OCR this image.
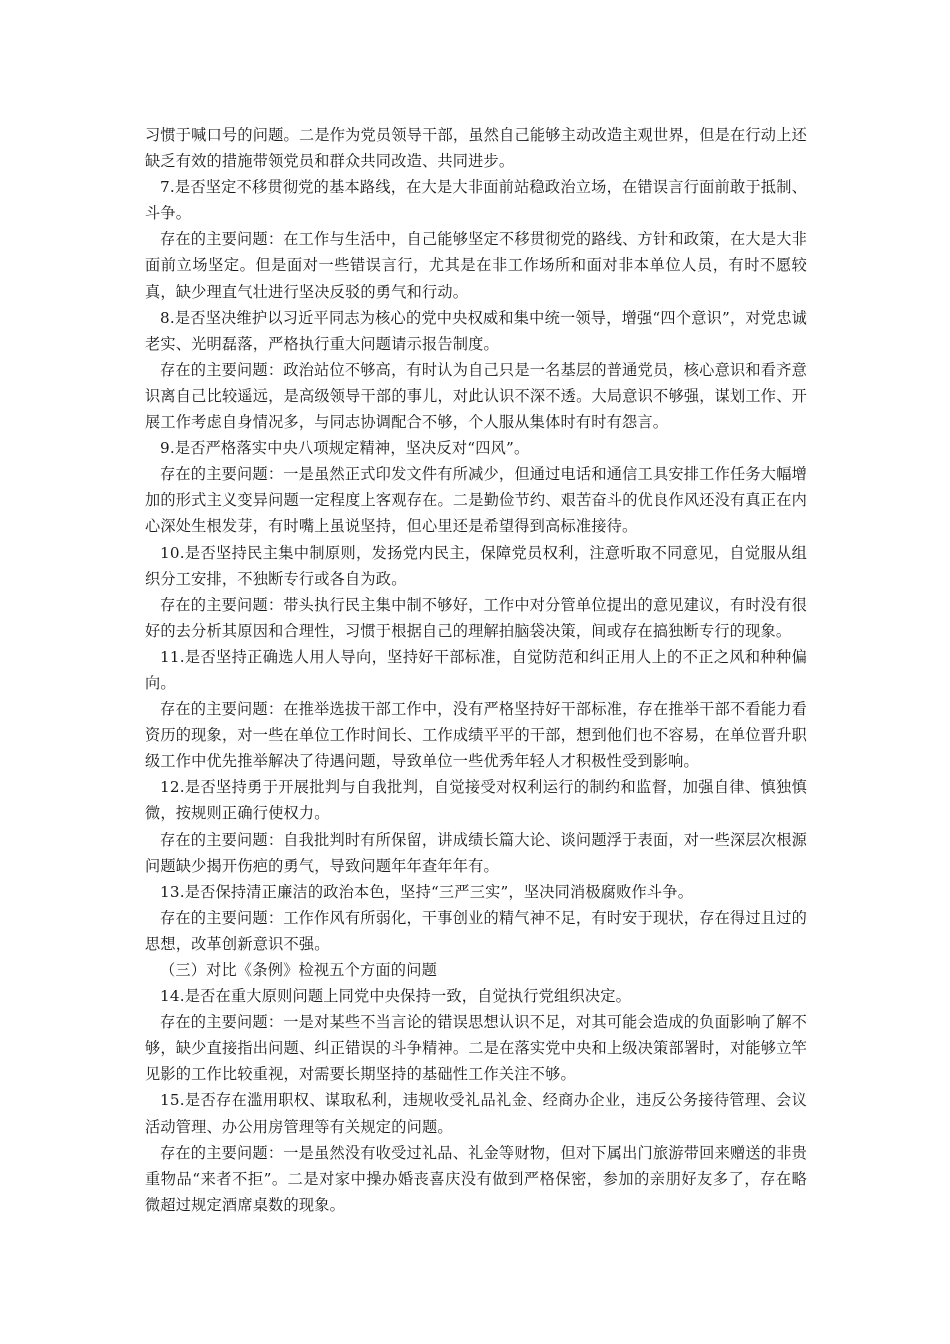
习惯于喊口号的问题。二是作为党员领导干部，虽然自己能够主动改造主观世界，但是在行动上还缺乏有效的措施带领党员和群众共同改造、共同进步。

7.是否坚定不移贯彻党的基本路线，在大是大非面前站稳政治立场，在错误言行面前敢于抵制、斗争。

存在的主要问题：在工作与生活中，自己能够坚定不移贯彻党的路线、方针和政策，在大是大非面前立场坚定。但是面对一些错误言行，尤其是在非工作场所和面对非本单位人员，有时不愿较真，缺少理直气壮进行坚决反驳的勇气和行动。

8.是否坚决维护以习近平同志为核心的党中央权威和集中统一领导，增强“四个意识”，对党忠诚老实、光明磊落，严格执行重大问题请示报告制度。

存在的主要问题：政治站位不够高，有时认为自己只是一名基层的普通党员，核心意识和看齐意识离自己比较遥远，是高级领导干部的事儿，对此认识不深不透。大局意识不够强，谋划工作、开展工作考虑自身情况多，与同志协调配合不够，个人服从集体时有时有怨言。

9.是否严格落实中央八项规定精神，坚决反对“四风”。

存在的主要问题：一是虽然正式印发文件有所减少，但通过电话和通信工具安排工作任务大幅增加的形式主义变异问题一定程度上客观存在。二是勤俭节约、艰苦奋斗的优良作风还没有真正在内心深处生根发芽，有时嘴上虽说坚持，但心里还是希望得到高标准接待。

10.是否坚持民主集中制原则，发扬党内民主，保障党员权利，注意听取不同意见，自觉服从组织分工安排，不独断专行或各自为政。

存在的主要问题：带头执行民主集中制不够好，工作中对分管单位提出的意见建议，有时没有很好的去分析其原因和合理性，习惯于根据自己的理解拍脑袋决策，间或存在搞独断专行的现象。

11.是否坚持正确选人用人导向，坚持好干部标准，自觉防范和纠正用人上的不正之风和种种偏向。

存在的主要问题：在推举选拔干部工作中，没有严格坚持好干部标准，存在推举干部不看能力看资历的现象，对一些在单位工作时间长、工作成绩平平的干部，想到他们也不容易，在单位晋升职级工作中优先推举解决了待遇问题，导致单位一些优秀年轻人才积极性受到影响。

12.是否坚持勇于开展批判与自我批判，自觉接受对权利运行的制约和监督，加强自律、慎独慎微，按规则正确行使权力。

存在的主要问题：自我批判时有所保留，讲成绩长篇大论、谈问题浮于表面，对一些深层次根源问题缺少揭开伤疤的勇气，导致问题年年查年年有。

13.是否保持清正廉洁的政治本色，坚持“三严三实”，坚决同消极腐败作斗争。

存在的主要问题：工作作风有所弱化，干事创业的精气神不足，有时安于现状，存在得过且过的思想，改革创新意识不强。

（三）对比《条例》检视五个方面的问题

14.是否在重大原则问题上同党中央保持一致，自觉执行党组织决定。

存在的主要问题：一是对某些不当言论的错误思想认识不足，对其可能会造成的负面影响了解不够，缺少直接指出问题、纠正错误的斗争精神。二是在落实党中央和上级决策部署时，对能够立竿见影的工作比较重视，对需要长期坚持的基础性工作关注不够。

15.是否存在滥用职权、谋取私利，违规收受礼品礼金、经商办企业，违反公务接待管理、会议活动管理、办公用房管理等有关规定的问题。

存在的主要问题：一是虽然没有收受过礼品、礼金等财物，但对下属出门旅游带回来赠送的非贵重物品“来者不拒”。二是对家中操办婚丧喜庆没有做到严格保密，参加的亲朋好友多了，存在略微超过规定酒席桌数的现象。
